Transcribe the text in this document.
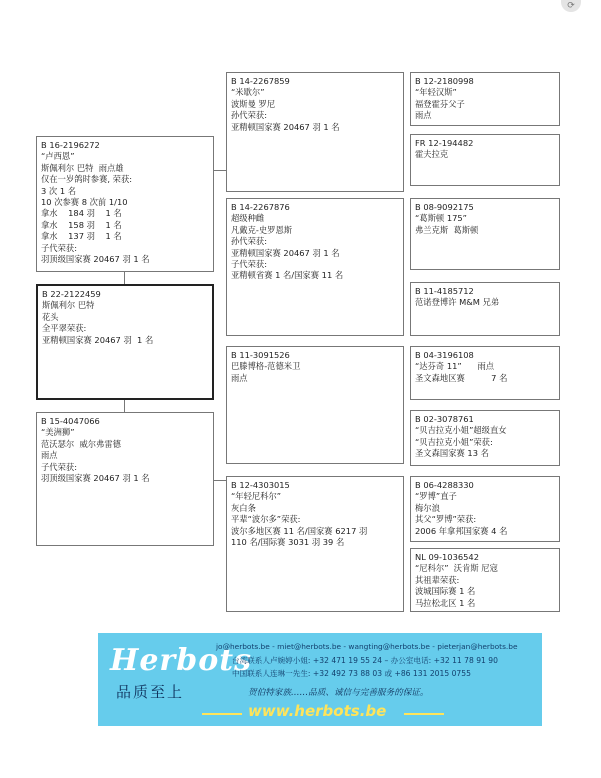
⟳
B 16-2196272
“卢西恩”
斯佩利尔 巴特  雨点雄
仅在一岁鸽时参赛, 荣获:
3 次 1 名
10 次参赛 8 次前 1/10
拿水    184 羽    1 名
拿水    158 羽    1 名
拿水    137 羽    1 名
子代荣获:
羽顶级国家赛 20467 羽 1 名
B 22-2122459
斯佩利尔 巴特
花头
全平翠荣获:
亚精顿国家赛 20467 羽  1 名
B 15-4047066
“美洲狮”
范沃瑟尔  威尔弗雷德
雨点
子代荣获:
羽顶级国家赛 20467 羽 1 名
B 14-2267859
“米歇尔”
波斯曼 罗尼
孙代荣获:
亚精顿国家赛 20467 羽 1 名
B 14-2267876
超级种雌
凡戴克-史罗恩斯
孙代荣获:
亚精顿国家赛 20467 羽 1 名
子代荣获:
亚精顿省赛 1 名/国家赛 11 名
B 11-3091526
巴滕博格-范德米卫
雨点
B 12-4303015
“年轻尼科尔”
灰白条
平辈“波尔多”荣获:
波尔多地区赛 11 名/国家赛 6217 羽
110 名/国际赛 3031 羽 39 名
B 12-2180998
“年轻汉斯”
福登霍芬父子
雨点
FR 12-194482
霍夫拉克
B 08-9092175
“葛斯顿 175”
弗兰克斯  葛斯顿
B 11-4185712
范诺登博许 M&M 兄弟
B 04-3196108
“达芬奇 11”      雨点
圣文森地区赛          7 名
B 02-3078761
“贝吉拉克小姐”超级直女
“贝吉拉克小姐”荣获:
圣文森国家赛 13 名
B 06-4288330
“罗博”直子
梅尔浪
其父“罗博”荣获:
2006 年拿邦国家赛 4 名
NL 09-1036542
“尼科尔”  沃肯斯 尼寇
其祖辈荣获:
波城国际赛 1 名
马拉松北区 1 名
Herbots
品质至上
jo@herbots.be - miet@herbots.be - wangting@herbots.be - pieterjan@herbots.be
台湾联系人卢婉婷小姐: +32 471 19 55 24 – 办公室电话: +32 11 78 91 90
中国联系人连琳一先生: +32 492 73 88 03 或 +86 131 2015 0755
贺伯特家族……品质、诚信与完善服务的保证。
www.herbots.be
